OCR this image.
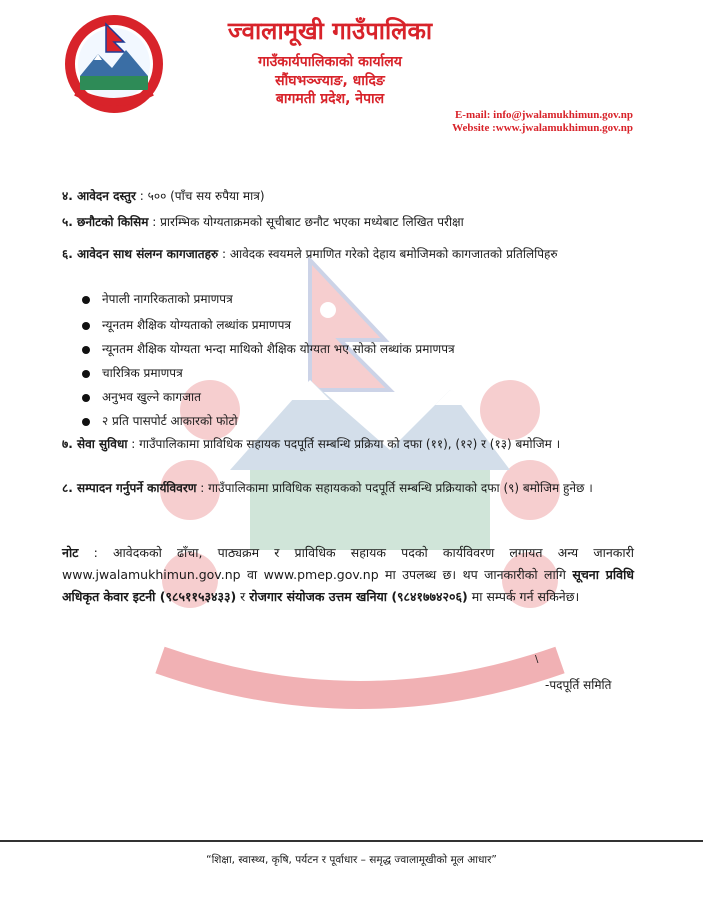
ज्वालामूखी गाउँपालिका
गाउँकार्यपालिकाको कार्यालय
सौंघभञ्ज्याङ, धादिङ
बागमती प्रदेश, नेपाल
E-mail: info@jwalamukhimun.gov.np
Website :www.jwalamukhimun.gov.np
४. आवेदन दस्तुर : ५०० (पाँच सय रुपैया मात्र)
५. छनौटको किसिम : प्रारम्भिक योग्यताक्रमको सूचीबाट छनौट भएका मध्येबाट लिखित परीक्षा
६. आवेदन साथ संलग्न कागजातहरु : आवेदक स्वयमले प्रमाणित गरेको देहाय बमोजिमको कागजातको प्रतिलिपिहरु
नेपाली नागरिकताको प्रमाणपत्र
न्यूनतम शैक्षिक योग्यताको लब्धांक प्रमाणपत्र
न्यूनतम शैक्षिक योग्यता भन्दा माथिको शैक्षिक योग्यता भए सोको लब्धांक प्रमाणपत्र
चारित्रिक प्रमाणपत्र
अनुभव खुल्ने कागजात
२ प्रति पासपोर्ट आकारको फोटो
७. सेवा सुविधा : गाउँपालिकामा प्राविधिक सहायक पदपूर्ति सम्बन्धि प्रक्रिया को दफा (११), (१२) र (१३) बमोजिम ।
८. सम्पादन गर्नुपर्ने कार्यविवरण : गाउँपालिकामा प्राविधिक सहायकको पदपूर्ति सम्बन्धि प्रक्रियाको दफा (९) बमोजिम हुनेछ ।
नोट : आवेदकको ढाँचा, पाठ्यक्रम र प्राविधिक सहायक पदको कार्यविवरण लगायत अन्य जानकारी www.jwalamukhimun.gov.np वा www.pmep.gov.np मा उपलब्ध छ। थप जानकारीको लागि सूचना प्रविधि अधिकृत केवार इटनी (९८५११५३४३३) र रोजगार संयोजक उत्तम खनिया (९८४१७७४२०६) मा सम्पर्क गर्न सकिनेछ।
\
-पदपूर्ति समिति
“शिक्षा, स्वास्थ्य, कृषि, पर्यटन र पूर्वाधार – समृद्ध ज्वालामूखीको मूल आधार”
